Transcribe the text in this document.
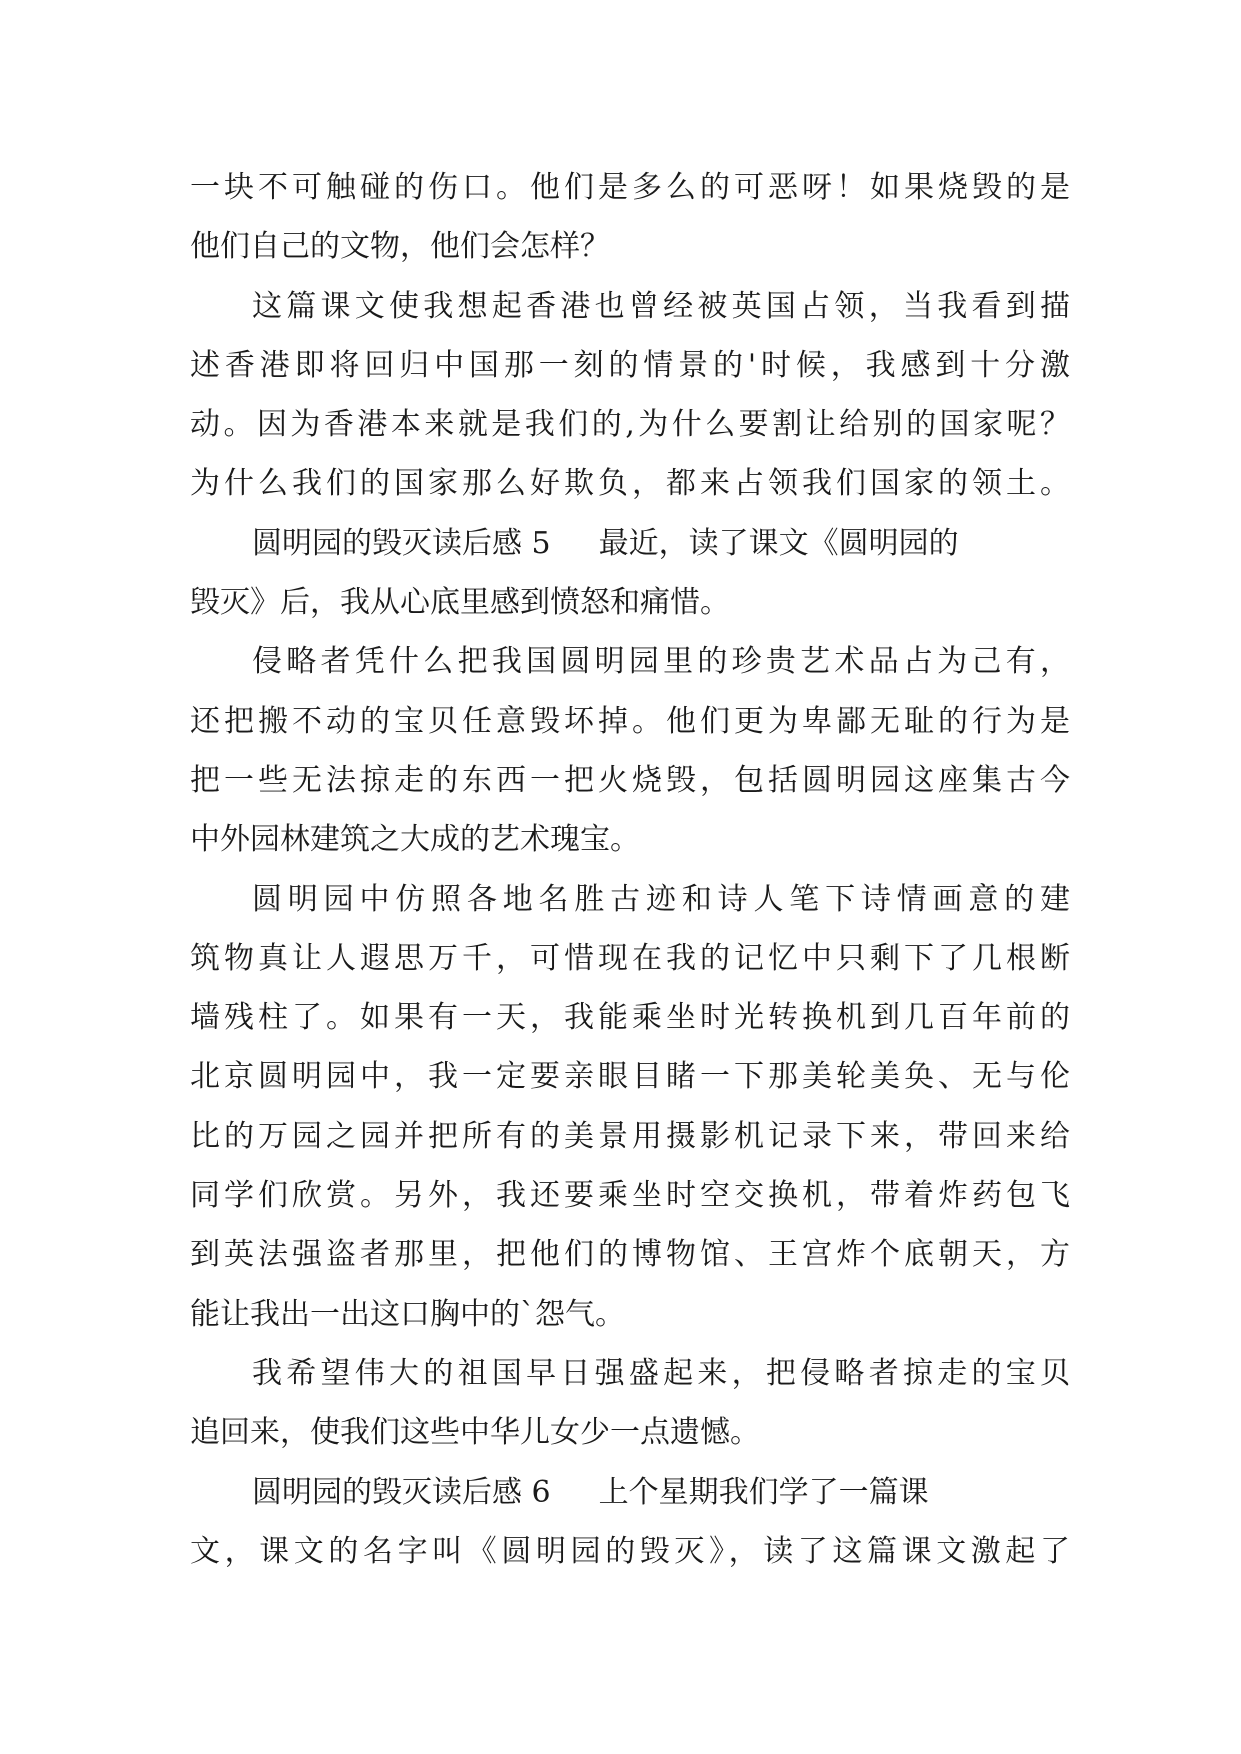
一块不可触碰的伤口。他们是多么的可恶呀！如果烧毁的是
他们自己的文物，他们会怎样？
这篇课文使我想起香港也曾经被英国占领，当我看到描
述香港即将回归中国那一刻的情景的'时候，我感到十分激
动。因为香港本来就是我们的,为什么要割让给别的国家呢？
为什么我们的国家那么好欺负，都来占领我们国家的领土。
圆明园的毁灭读后感 5 最近，读了课文《圆明园的
毁灭》后，我从心底里感到愤怒和痛惜。
侵略者凭什么把我国圆明园里的珍贵艺术品占为己有，
还把搬不动的宝贝任意毁坏掉。他们更为卑鄙无耻的行为是
把一些无法掠走的东西一把火烧毁，包括圆明园这座集古今
中外园林建筑之大成的艺术瑰宝。
圆明园中仿照各地名胜古迹和诗人笔下诗情画意的建
筑物真让人遐思万千，可惜现在我的记忆中只剩下了几根断
墙残柱了。如果有一天，我能乘坐时光转换机到几百年前的
北京圆明园中，我一定要亲眼目睹一下那美轮美奂、无与伦
比的万园之园并把所有的美景用摄影机记录下来，带回来给
同学们欣赏。另外，我还要乘坐时空交换机，带着炸药包飞
到英法强盗者那里，把他们的博物馆、王宫炸个底朝天，方
能让我出一出这口胸中的`怨气。
我希望伟大的祖国早日强盛起来，把侵略者掠走的宝贝
追回来，使我们这些中华儿女少一点遗憾。
圆明园的毁灭读后感 6 上个星期我们学了一篇课
文，课文的名字叫《圆明园的毁灭》，读了这篇课文激起了
